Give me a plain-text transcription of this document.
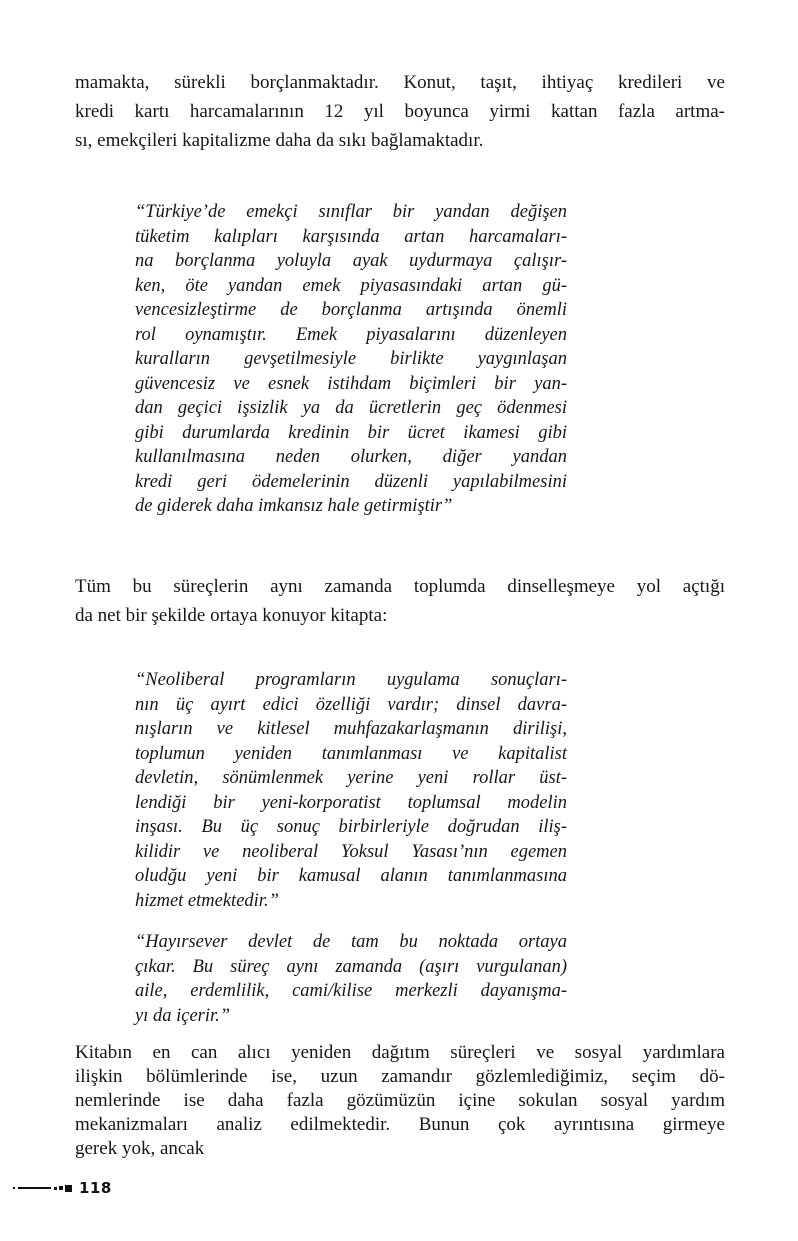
mamakta, sürekli borçlanmaktadır. Konut, taşıt, ihtiyaç kredileri ve
kredi kartı harcamalarının 12 yıl boyunca yirmi kattan fazla artma-
sı, emekçileri kapitalizme daha da sıkı bağlamaktadır.
“Türkiye’de emekçi sınıflar bir yandan değişen
tüketim kalıpları karşısında artan harcamaları-
na borçlanma yoluyla ayak uydurmaya çalışır-
ken, öte yandan emek piyasasındaki artan gü-
vencesizleştirme de borçlanma artışında önemli
rol oynamıştır. Emek piyasalarını düzenleyen
kuralların gevşetilmesiyle birlikte yaygınlaşan
güvencesiz ve esnek istihdam biçimleri bir yan-
dan geçici işsizlik ya da ücretlerin geç ödenmesi
gibi durumlarda kredinin bir ücret ikamesi gibi
kullanılmasına neden olurken, diğer yandan
kredi geri ödemelerinin düzenli yapılabilmesini
de giderek daha imkansız hale getirmiştir”
Tüm bu süreçlerin aynı zamanda toplumda dinselleşmeye yol açtığı
da net bir şekilde ortaya konuyor kitapta:
“Neoliberal programların uygulama sonuçları-
nın üç ayırt edici özelliği vardır; dinsel davra-
nışların ve kitlesel muhfazakarlaşmanın dirilişi,
toplumun yeniden tanımlanması ve kapitalist
devletin, sönümlenmek yerine yeni rollar üst-
lendiği bir yeni-korporatist toplumsal modelin
inşası. Bu üç sonuç birbirleriyle doğrudan iliş-
kilidir ve neoliberal Yoksul Yasası’nın egemen
oludğu yeni bir kamusal alanın tanımlanmasına
hizmet etmektedir.”
“Hayırsever devlet de tam bu noktada ortaya
çıkar. Bu süreç aynı zamanda (aşırı vurgulanan)
aile, erdemlilik, cami/kilise merkezli dayanışma-
yı da içerir.”
Kitabın en can alıcı yeniden dağıtım süreçleri ve sosyal yardımlara
ilişkin bölümlerinde ise, uzun zamandır gözlemlediğimiz, seçim dö-
nemlerinde ise daha fazla gözümüzün içine sokulan sosyal yardım
mekanizmaları analiz edilmektedir. Bunun çok ayrıntısına girmeye
gerek yok, ancak
118
